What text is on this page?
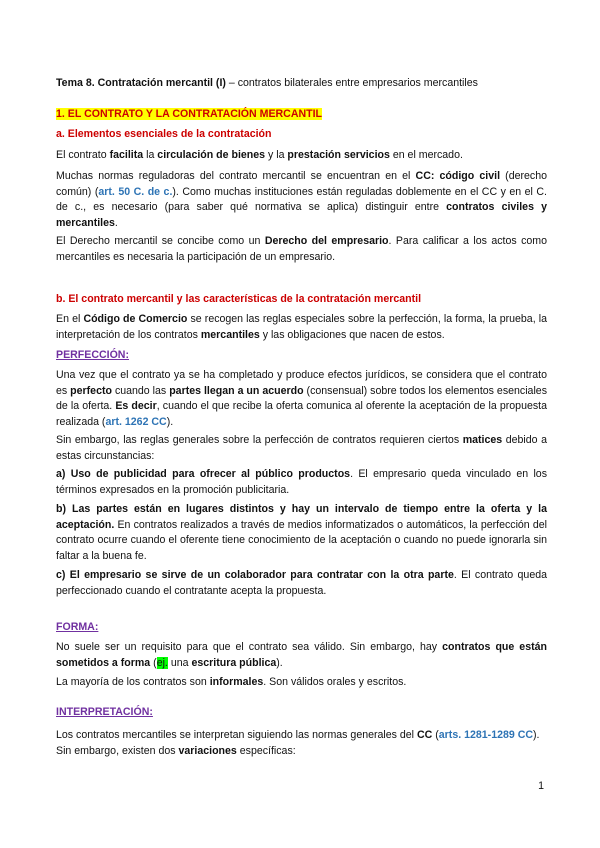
Tema 8. Contratación mercantil (I) – contratos bilaterales entre empresarios mercantiles

1. EL CONTRATO Y LA CONTRATACIÓN MERCANTIL

a. Elementos esenciales de la contratación

El contrato facilita la circulación de bienes y la prestación servicios en el mercado.

Muchas normas reguladoras del contrato mercantil se encuentran en el CC: código civil (derecho común) (art. 50 C. de c.). Como muchas instituciones están reguladas doblemente en el CC y en el C. de c., es necesario (para saber qué normativa se aplica) distinguir entre contratos civiles y mercantiles.

El Derecho mercantil se concibe como un Derecho del empresario. Para calificar a los actos como mercantiles es necesaria la participación de un empresario.

b. El contrato mercantil y las características de la contratación mercantil

En el Código de Comercio se recogen las reglas especiales sobre la perfección, la forma, la prueba, la interpretación de los contratos mercantiles y las obligaciones que nacen de estos.

PERFECCIÓN:

Una vez que el contrato ya se ha completado y produce efectos jurídicos, se considera que el contrato es perfecto cuando las partes llegan a un acuerdo (consensual) sobre todos los elementos esenciales de la oferta. Es decir, cuando el que recibe la oferta comunica al oferente la aceptación de la propuesta realizada (art. 1262 CC).

Sin embargo, las reglas generales sobre la perfección de contratos requieren ciertos matices debido a estas circunstancias:

a) Uso de publicidad para ofrecer al público productos. El empresario queda vinculado en los términos expresados en la promoción publicitaria.

b) Las partes están en lugares distintos y hay un intervalo de tiempo entre la oferta y la aceptación. En contratos realizados a través de medios informatizados o automáticos, la perfección del contrato ocurre cuando el oferente tiene conocimiento de la aceptación o cuando no puede ignorarla sin faltar a la buena fe.

c) El empresario se sirve de un colaborador para contratar con la otra parte. El contrato queda perfeccionado cuando el contratante acepta la propuesta.

FORMA:

No suele ser un requisito para que el contrato sea válido. Sin embargo, hay contratos que están sometidos a forma (ej. una escritura pública).

La mayoría de los contratos son informales. Son válidos orales y escritos.

INTERPRETACIÓN:

Los contratos mercantiles se interpretan siguiendo las normas generales del CC (arts. 1281-1289 CC). Sin embargo, existen dos variaciones específicas:

1
